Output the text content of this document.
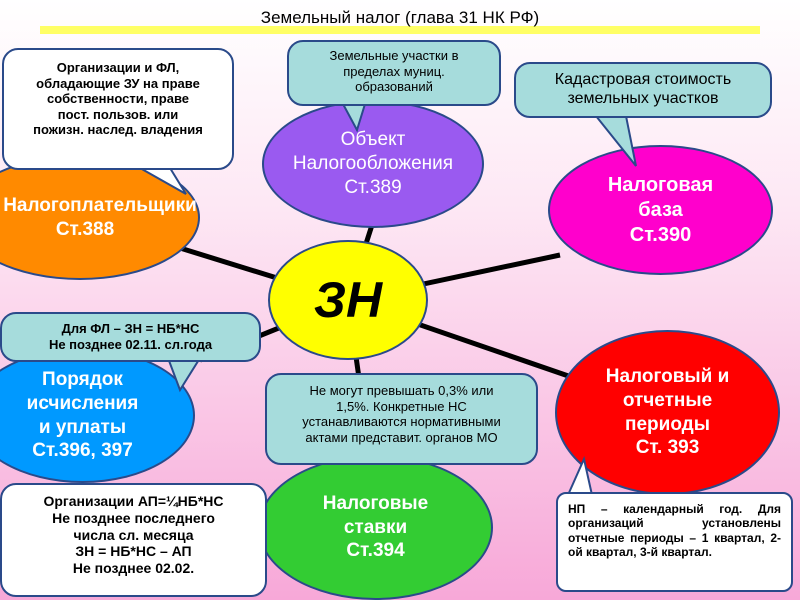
Земельный налог (глава 31 НК РФ)
Налогоплательщики
Ст.388
Объект
Налогообложения
Ст.389	Налоговая
база
Ст.390
Порядок
исчисления
и уплаты
Ст.396, 397
Налоговый и
отчетные
периоды
Ст. 393
Налоговые
ставки
Ст.394
ЗН
Организации и ФЛ,
обладающие ЗУ на праве
собственности, праве
пост. пользов. или
пожизн. наслед. владения
Земельные участки в
пределах муниц.
образований	Кадастровая стоимость
земельных участков
Для ФЛ – ЗН = НБ*НС
Не позднее 02.11. сл.года
Не могут превышать 0,3% или
1,5%. Конкретные НС
устанавливаются нормативными
актами представит. органов МО
Организации АП=¼НБ*НС
Не позднее последнего
числа сл. месяца
ЗН = НБ*НС – АП
Не позднее 02.02.
НП – календарный год. Для организаций установлены отчетные периоды – 1 квартал, 2-ой квартал, 3-й квартал.
